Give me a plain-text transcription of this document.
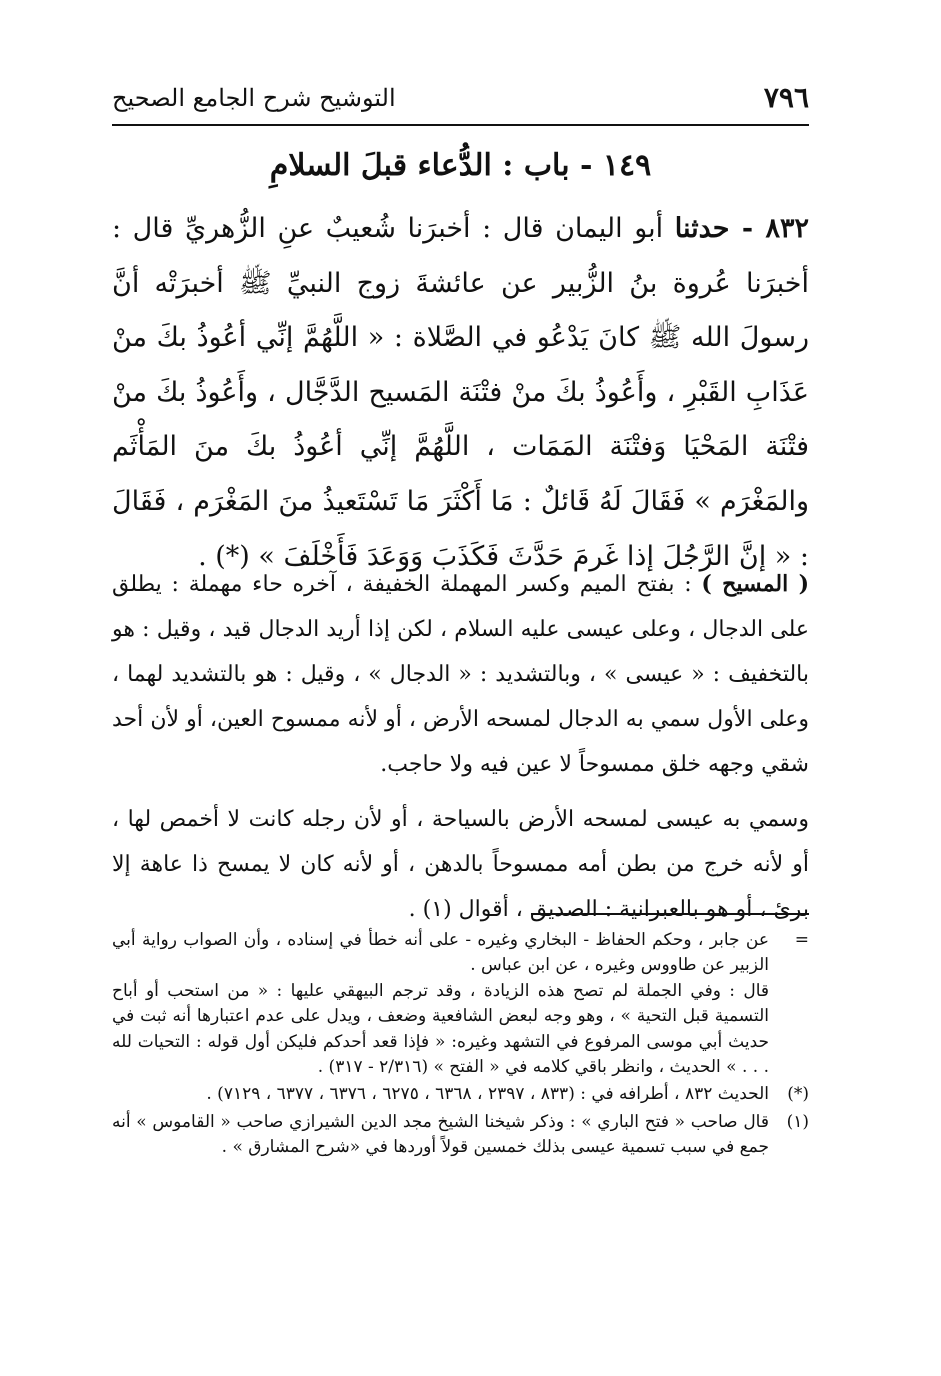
٧٩٦
التوشيح شرح الجامع الصحيح
١٤٩ - باب : الدُّعاء قبلَ السلامِ
٨٣٢ - حدثنا أبو اليمان قال : أخبرَنا شُعيبٌ عنِ الزُّهريِّ قال : أخبرَنا عُروة بنُ الزُّبير عن عائشةَ زوج النبيِّ ﷺ أخبرَتْه أنَّ رسولَ الله ﷺ كانَ يَدْعُو في الصَّلاة : « اللَّهُمَّ إنِّي أعُوذُ بكَ منْ عَذَابِ القَبْرِ ، وأَعُوذُ بكَ منْ فتْنَة المَسيح الدَّجَّال ، وأَعُوذُ بكَ منْ فتْنَة المَحْيَا وَفتْنَة المَمَات ، اللَّهُمَّ إنِّي أعُوذُ بكَ منَ المَأْثَم والمَغْرَم » فَقَالَ لَهُ قَائلٌ : مَا أَكْثَرَ مَا تَسْتَعيذُ منَ المَغْرَم ، فَقَالَ : « إنَّ الرَّجُلَ إذا غَرمَ حَدَّثَ فَكَذَبَ وَوَعَدَ فَأَخْلَفَ » (*) .

( المسيح ) : بفتح الميم وكسر المهملة الخفيفة ، آخره حاء مهملة : يطلق على الدجال ، وعلى عيسى عليه السلام ، لكن إذا أريد الدجال قيد ، وقيل : هو بالتخفيف : « عيسى » ، وبالتشديد : « الدجال » ، وقيل : هو بالتشديد لهما ، وعلى الأول سمي به الدجال لمسحه الأرض ، أو لأنه ممسوح العين، أو لأن أحد شقي وجهه خلق ممسوحاً لا عين فيه ولا حاجب.

وسمي به عيسى لمسحه الأرض بالسياحة ، أو لأن رجله كانت لا أخمص لها ، أو لأنه خرج من بطن أمه ممسوحاً بالدهن ، أو لأنه كان لا يمسح ذا عاهة إلا برئ ، أو هو بالعبرانية : الصديق ، أقوال (١) .

=

عن جابر ، وحكم الحفاظ - البخاري وغيره - على أنه خطأ في إسناده ، وأن الصواب رواية أبي الزبير عن طاووس وغيره ، عن ابن عباس .

قال : وفي الجملة لم تصح هذه الزيادة ، وقد ترجم البيهقي عليها : « من استحب أو أباح التسمية قبل التحية » ، وهو وجه لبعض الشافعية وضعف ، ويدل على عدم اعتبارها أنه ثبت في حديث أبي موسى المرفوع في التشهد وغيره: « فإذا قعد أحدكم فليكن أول قوله : التحيات لله . . . » الحديث ، وانظر باقي كلامه في « الفتح » (٢/٣١٦ - ٣١٧) .

(*)

الحديث ٨٣٢ ، أطرافه في : (٨٣٣ ، ٢٣٩٧ ، ٦٣٦٨ ، ٦٢٧٥ ، ٦٣٧٦ ، ٦٣٧٧ ، ٧١٢٩) .

(١)

قال صاحب « فتح الباري » : وذكر شيخنا الشيخ مجد الدين الشيرازي صاحب « القاموس » أنه جمع في سبب تسمية عيسى بذلك خمسين قولاً أوردها في «شرح المشارق » .
